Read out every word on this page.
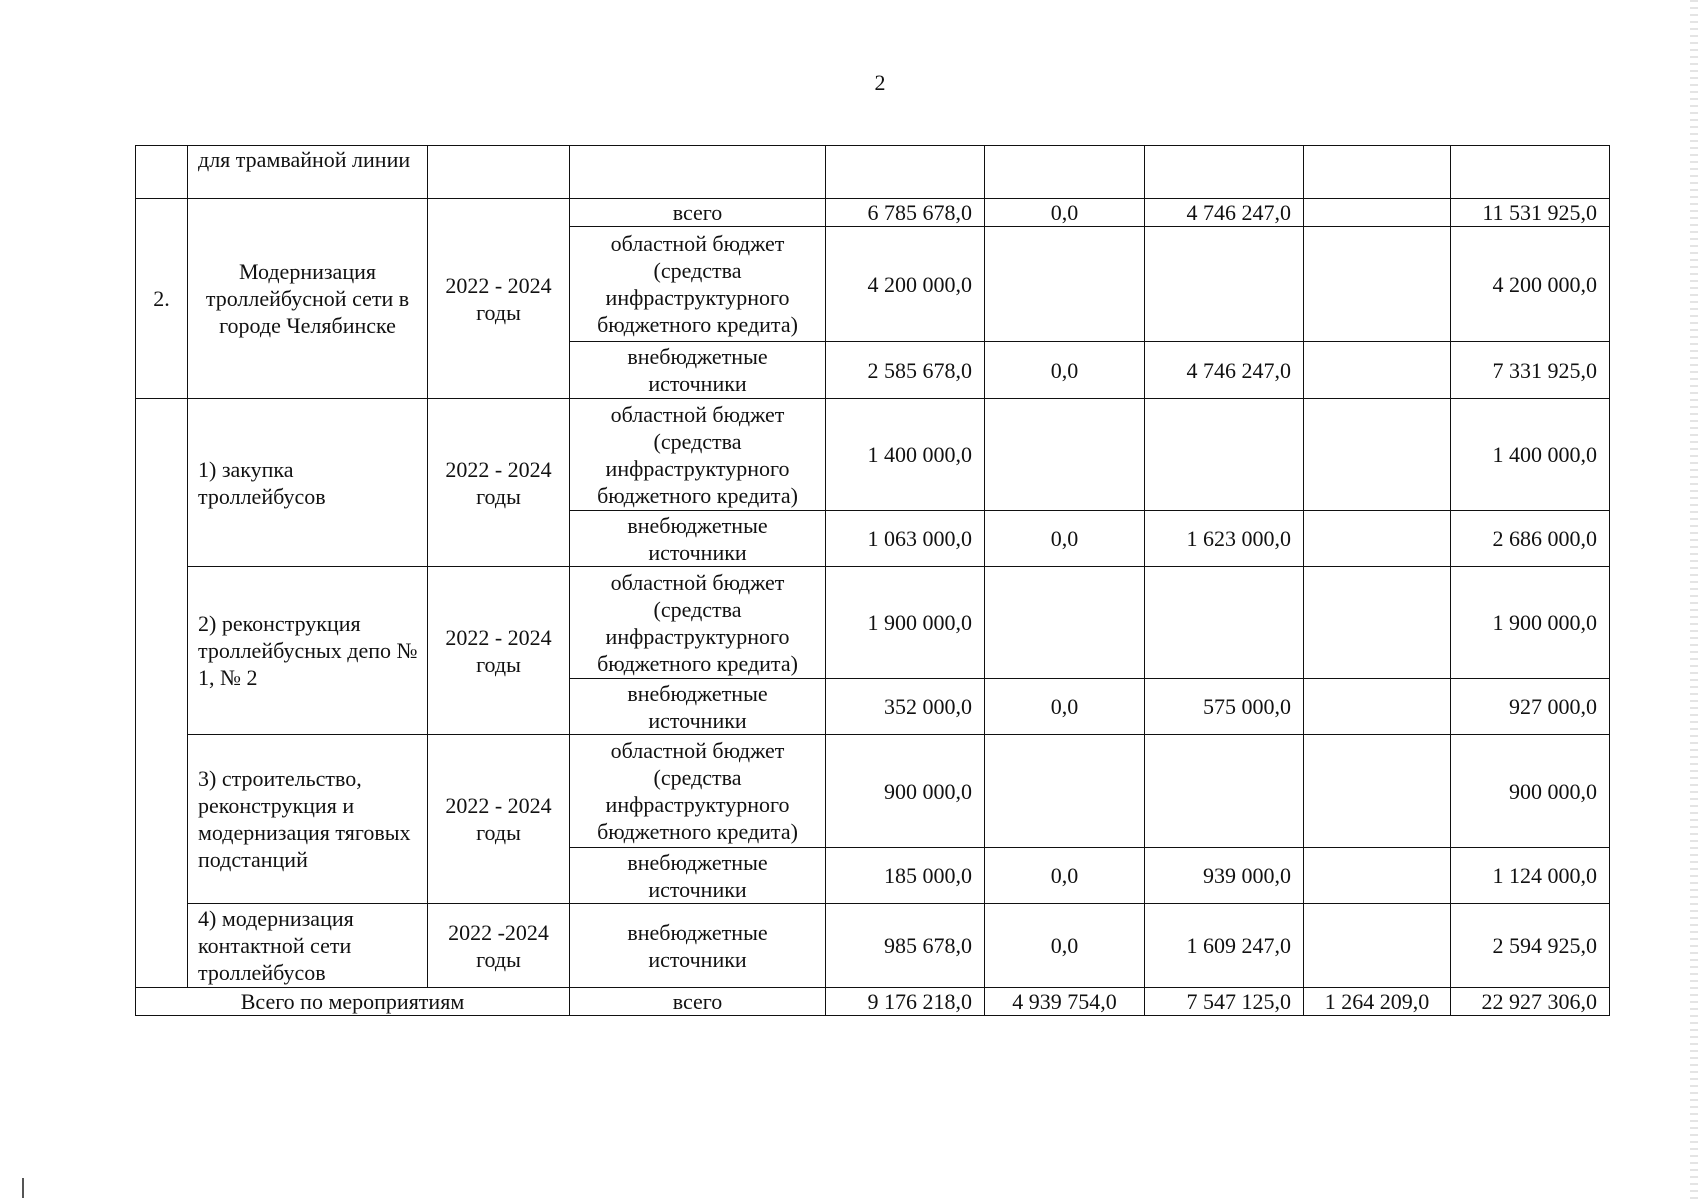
2
	для трамвайной линии							
2.	Модернизация троллейбусной сети в городе Челябинске	2022 - 2024 годы	всего	6 785 678,0	0,0	4 746 247,0		11 531 925,0
			областной бюджет (средства инфраструктурного бюджетного кредита)	4 200 000,0				4 200 000,0
			внебюджетные источники	2 585 678,0	0,0	4 746 247,0		7 331 925,0
	1) закупка троллейбусов	2022 - 2024 годы	областной бюджет (средства инфраструктурного бюджетного кредита)	1 400 000,0				1 400 000,0
			внебюджетные источники	1 063 000,0	0,0	1 623 000,0		2 686 000,0
	2) реконструкция троллейбусных депо № 1, № 2	2022 - 2024 годы	областной бюджет (средства инфраструктурного бюджетного кредита)	1 900 000,0				1 900 000,0
			внебюджетные источники	352 000,0	0,0	575 000,0		927 000,0
	3) строительство, реконструкция и модернизация тяговых подстанций	2022 - 2024 годы	областной бюджет (средства инфраструктурного бюджетного кредита)	900 000,0				900 000,0
			внебюджетные источники	185 000,0	0,0	939 000,0		1 124 000,0
	4) модернизация контактной сети троллейбусов	2022 -2024 годы	внебюджетные источники	985 678,0	0,0	1 609 247,0		2 594 925,0
Всего по мероприятиям			всего	9 176 218,0	4 939 754,0	7 547 125,0	1 264 209,0	22 927 306,0
